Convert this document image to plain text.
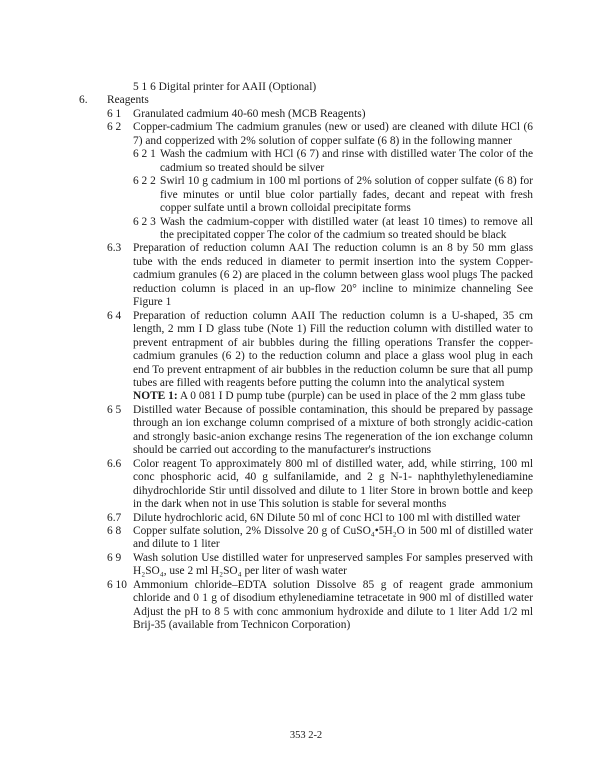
5 1 6
Digital printer for AAII (Optional)
6.	Reagents
6 1	Granulated cadmium 40-60 mesh (MCB Reagents)
6 2	Copper-cadmium The cadmium granules (new or used) are cleaned with dilute HCl (6 7) and copperized with 2% solution of copper sulfate (6 8) in the following manner
6 2 1 Wash the cadmium with HCl (6 7) and rinse with distilled water The color of the cadmium so treated should be silver
6 2 2 Swirl 10 g cadmium in 100 ml portions of 2% solution of copper sulfate (6 8) for five minutes or until blue color partially fades, decant and repeat with fresh copper sulfate until a brown colloidal precipitate forms
6 2 3 Wash the cadmium-copper with distilled water (at least 10 times) to remove all the precipitated copper The color of the cadmium so treated should be black
6.3	Preparation of reduction column AAI The reduction column is an 8 by 50 mm glass tube with the ends reduced in diameter to permit insertion into the system Copper-cadmium granules (6 2) are placed in the column between glass wool plugs The packed reduction column is placed in an up-flow 20° incline to minimize channeling See Figure 1
6 4	Preparation of reduction column AAII The reduction column is a U-shaped, 35 cm length, 2 mm I D glass tube (Note 1) Fill the reduction column with distilled water to prevent entrapment of air bubbles during the filling operations Transfer the copper-cadmium granules (6 2) to the reduction column and place a glass wool plug in each end To prevent entrapment of air bubbles in the reduction column be sure that all pump tubes are filled with reagents before putting the column into the analytical system
NOTE 1: A 0 081 I D pump tube (purple) can be used in place of the 2 mm glass tube
6 5	Distilled water Because of possible contamination, this should be prepared by passage through an ion exchange column comprised of a mixture of both strongly acidic-cation and strongly basic-anion exchange resins The regeneration of the ion exchange column should be carried out according to the manufacturer's instructions
6.6	Color reagent To approximately 800 ml of distilled water, add, while stirring, 100 ml conc phosphoric acid, 40 g sulfanilamide, and 2 g N-1- naphthylethylenediamine dihydrochloride Stir until dissolved and dilute to 1 liter Store in brown bottle and keep in the dark when not in use This solution is stable for several months
6.7	Dilute hydrochloric acid, 6N Dilute 50 ml of conc HCl to 100 ml with distilled water
6 8	Copper sulfate solution, 2% Dissolve 20 g of CuSO₄•5H₂O in 500 ml of distilled water and dilute to 1 liter
6 9	Wash solution Use distilled water for unpreserved samples For samples preserved with H₂SO₄, use 2 ml H₂SO₄ per liter of wash water
6 10 Ammonium chloride–EDTA solution Dissolve 85 g of reagent grade ammonium chloride and 0 1 g of disodium ethylenediamine tetracetate in 900 ml of distilled water Adjust the pH to 8 5 with conc ammonium hydroxide and dilute to 1 liter Add 1/2 ml Brij-35 (available from Technicon Corporation)
353 2-2
